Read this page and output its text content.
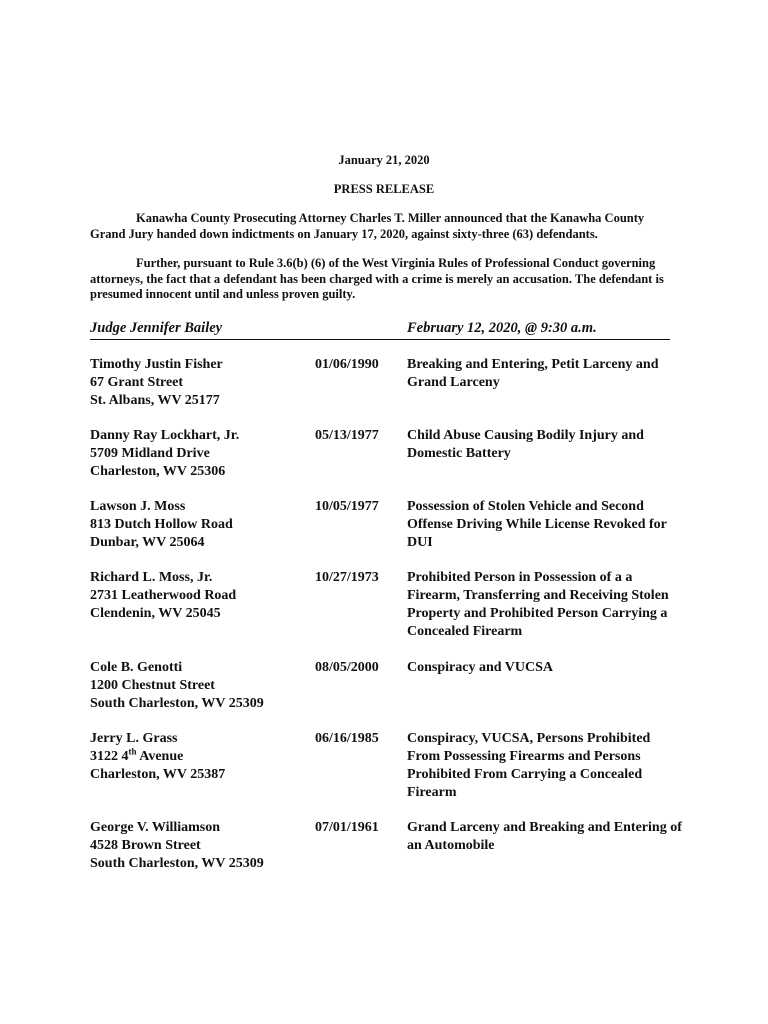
January 21, 2020
PRESS RELEASE
Kanawha County Prosecuting Attorney Charles T. Miller announced that the Kanawha County Grand Jury handed down indictments on January 17, 2020, against sixty-three (63) defendants.
Further, pursuant to Rule 3.6(b) (6) of the West Virginia Rules of Professional Conduct governing attorneys, the fact that a defendant has been charged with a crime is merely an accusation. The defendant is presumed innocent until and unless proven guilty.
Judge Jennifer Bailey	February 12, 2020, @ 9:30 a.m.
Timothy Justin Fisher
67 Grant Street
St. Albans, WV 25177
01/06/1990 Breaking and Entering, Petit Larceny and Grand Larceny
Danny Ray Lockhart, Jr.
5709 Midland Drive
Charleston, WV 25306
05/13/1977 Child Abuse Causing Bodily Injury and Domestic Battery
Lawson J. Moss
813 Dutch Hollow Road
Dunbar, WV 25064
10/05/1977 Possession of Stolen Vehicle and Second Offense Driving While License Revoked for DUI
Richard L. Moss, Jr.
2731 Leatherwood Road
Clendenin, WV 25045
10/27/1973 Prohibited Person in Possession of a a Firearm, Transferring and Receiving Stolen Property and Prohibited Person Carrying a Concealed Firearm
Cole B. Genotti
1200 Chestnut Street
South Charleston, WV 25309
08/05/2000 Conspiracy and VUCSA
Jerry L. Grass
3122 4th Avenue
Charleston, WV 25387
06/16/1985 Conspiracy, VUCSA, Persons Prohibited From Possessing Firearms and Persons Prohibited From Carrying a Concealed Firearm
George V. Williamson
4528 Brown Street
South Charleston, WV 25309
07/01/1961 Grand Larceny and Breaking and Entering of an Automobile
